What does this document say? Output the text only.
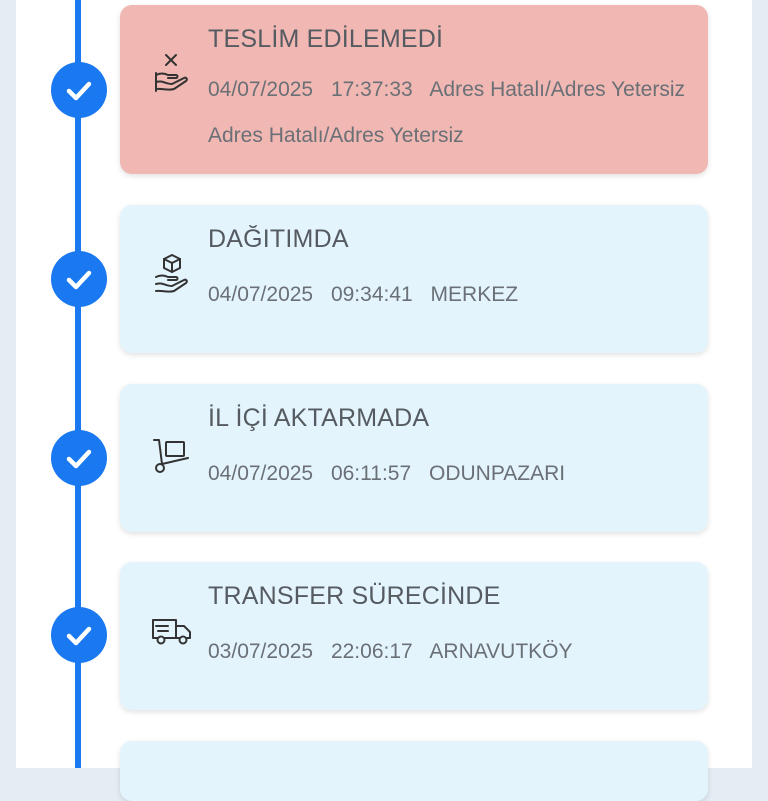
TESLİM EDİLEMEDİ
04/07/2025 17:37:33 Adres Hatalı/Adres Yetersiz
Adres Hatalı/Adres Yetersiz
DAĞITIMDA
04/07/2025 09:34:41 MERKEZ
İL İÇİ AKTARMADA
04/07/2025 06:11:57 ODUNPAZARI
TRANSFER SÜRECİNDE
03/07/2025 22:06:17 ARNAVUTKÖY
